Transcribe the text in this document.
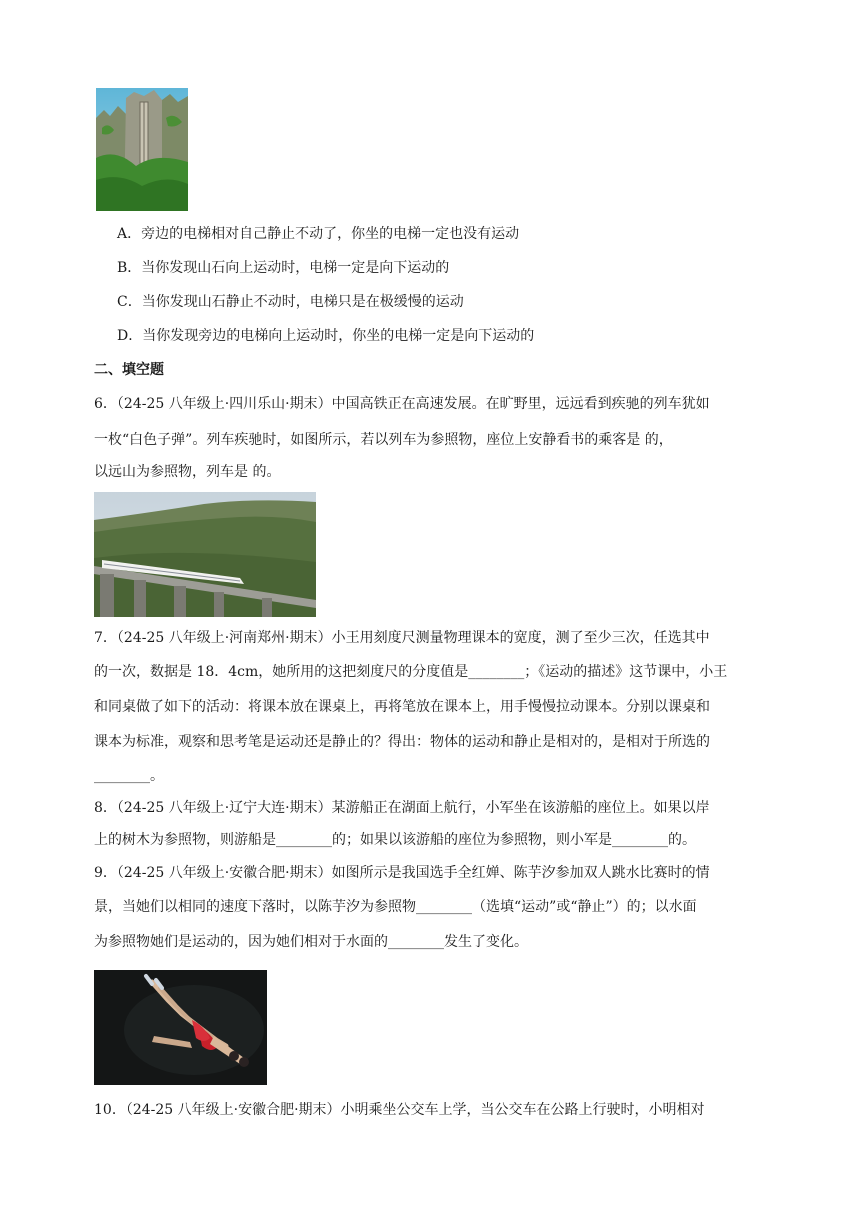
A．旁边的电梯相对自己静止不动了，你坐的电梯一定也没有运动
B．当你发现山石向上运动时，电梯一定是向下运动的
C．当你发现山石静止不动时，电梯只是在极缓慢的运动
D．当你发现旁边的电梯向上运动时，你坐的电梯一定是向下运动的
二、填空题
6．（24-25 八年级上·四川乐山·期末）中国高铁正在高速发展。在旷野里，远远看到疾驰的列车犹如
一枚“白色子弹”。列车疾驰时，如图所示，若以列车为参照物，座位上安静看书的乘客是 的，
以远山为参照物，列车是 的。
7．（24-25 八年级上·河南郑州·期末）小王用刻度尺测量物理课本的宽度，测了至少三次，任选其中
的一次，数据是 18．4cm，她所用的这把刻度尺的分度值是________；《运动的描述》这节课中，小王
和同桌做了如下的活动：将课本放在课桌上，再将笔放在课本上，用手慢慢拉动课本。分别以课桌和
课本为标准，观察和思考笔是运动还是静止的？得出：物体的运动和静止是相对的，是相对于所选的
________。
8．（24-25 八年级上·辽宁大连·期末）某游船正在湖面上航行，小军坐在该游船的座位上。如果以岸
上的树木为参照物，则游船是________的；如果以该游船的座位为参照物，则小军是________的。
9．（24-25 八年级上·安徽合肥·期末）如图所示是我国选手全红婵、陈芋汐参加双人跳水比赛时的情
景，当她们以相同的速度下落时，以陈芋汐为参照物________（选填“运动”或“静止”）的；以水面
为参照物她们是运动的，因为她们相对于水面的________发生了变化。
10．（24-25 八年级上·安徽合肥·期末）小明乘坐公交车上学，当公交车在公路上行驶时，小明相对
